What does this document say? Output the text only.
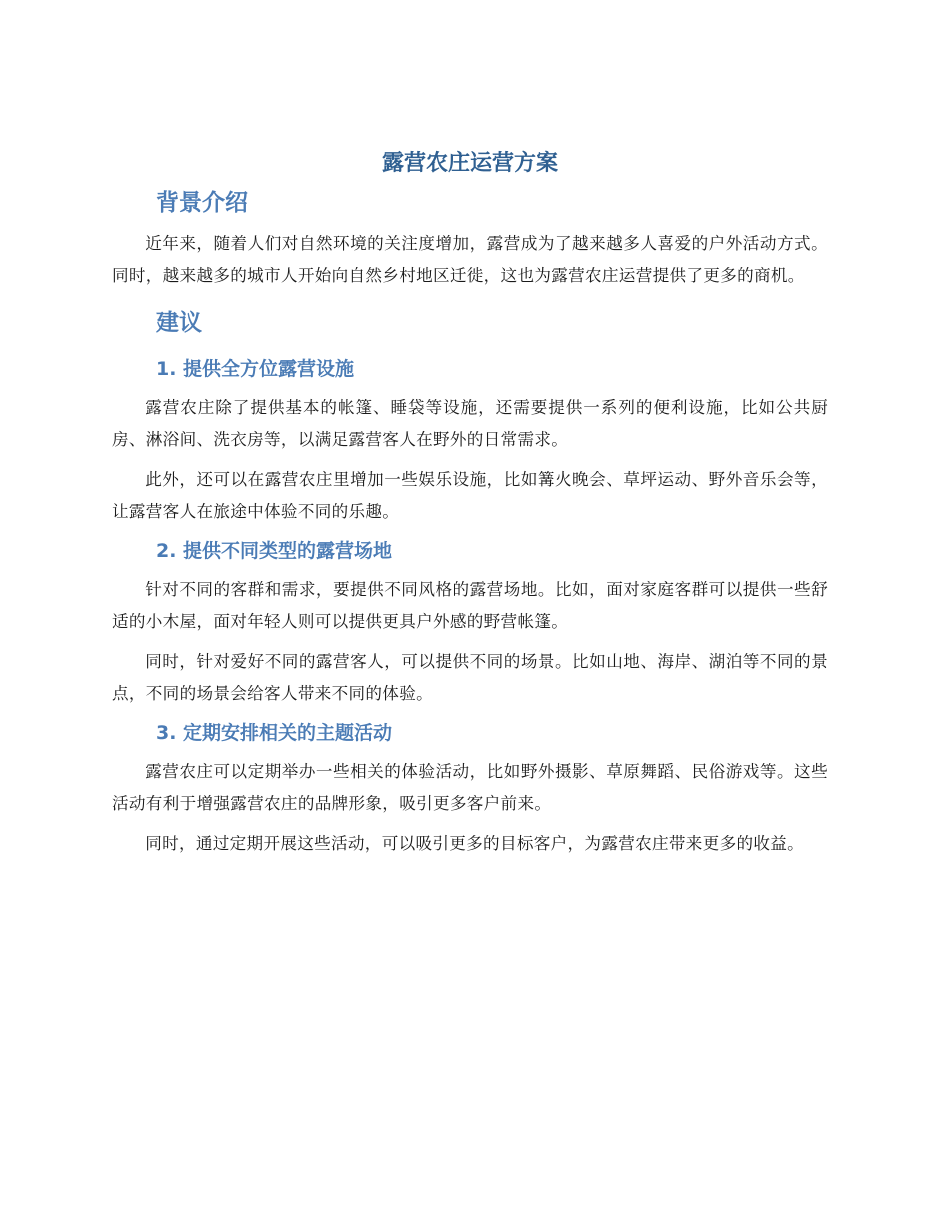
露营农庄运营方案
背景介绍

近年来，随着人们对自然环境的关注度增加，露营成为了越来越多人喜爱的户外活动方式。同时，越来越多的城市人开始向自然乡村地区迁徙，这也为露营农庄运营提供了更多的商机。

建议
1. 提供全方位露营设施

露营农庄除了提供基本的帐篷、睡袋等设施，还需要提供一系列的便利设施，比如公共厨房、淋浴间、洗衣房等，以满足露营客人在野外的日常需求。

此外，还可以在露营农庄里增加一些娱乐设施，比如篝火晚会、草坪运动、野外音乐会等，让露营客人在旅途中体验不同的乐趣。

2. 提供不同类型的露营场地

针对不同的客群和需求，要提供不同风格的露营场地。比如，面对家庭客群可以提供一些舒适的小木屋，面对年轻人则可以提供更具户外感的野营帐篷。

同时，针对爱好不同的露营客人，可以提供不同的场景。比如山地、海岸、湖泊等不同的景点，不同的场景会给客人带来不同的体验。

3. 定期安排相关的主题活动

露营农庄可以定期举办一些相关的体验活动，比如野外摄影、草原舞蹈、民俗游戏等。这些活动有利于增强露营农庄的品牌形象，吸引更多客户前来。

同时，通过定期开展这些活动，可以吸引更多的目标客户，为露营农庄带来更多的收益。
